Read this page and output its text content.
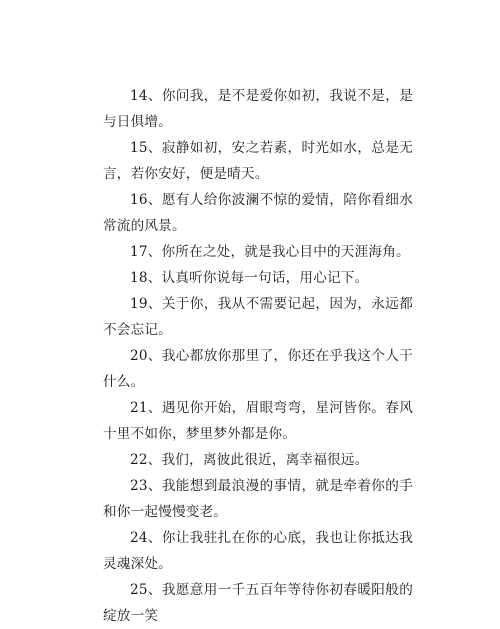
14、你问我，是不是爱你如初，我说不是，是与日俱增。

15、寂静如初，安之若素，时光如水，总是无言，若你安好，便是晴天。

16、愿有人给你波澜不惊的爱情，陪你看细水常流的风景。

17、你所在之处，就是我心目中的天涯海角。

18、认真听你说每一句话，用心记下。

19、关于你，我从不需要记起，因为，永远都不会忘记。

20、我心都放你那里了，你还在乎我这个人干什么。

21、遇见你开始，眉眼弯弯，星河皆你。春风十里不如你，梦里梦外都是你。

22、我们，离彼此很近，离幸福很远。

23、我能想到最浪漫的事情，就是牵着你的手和你一起慢慢变老。

24、你让我驻扎在你的心底，我也让你抵达我灵魂深处。

25、我愿意用一千五百年等待你初春暖阳般的绽放一笑
